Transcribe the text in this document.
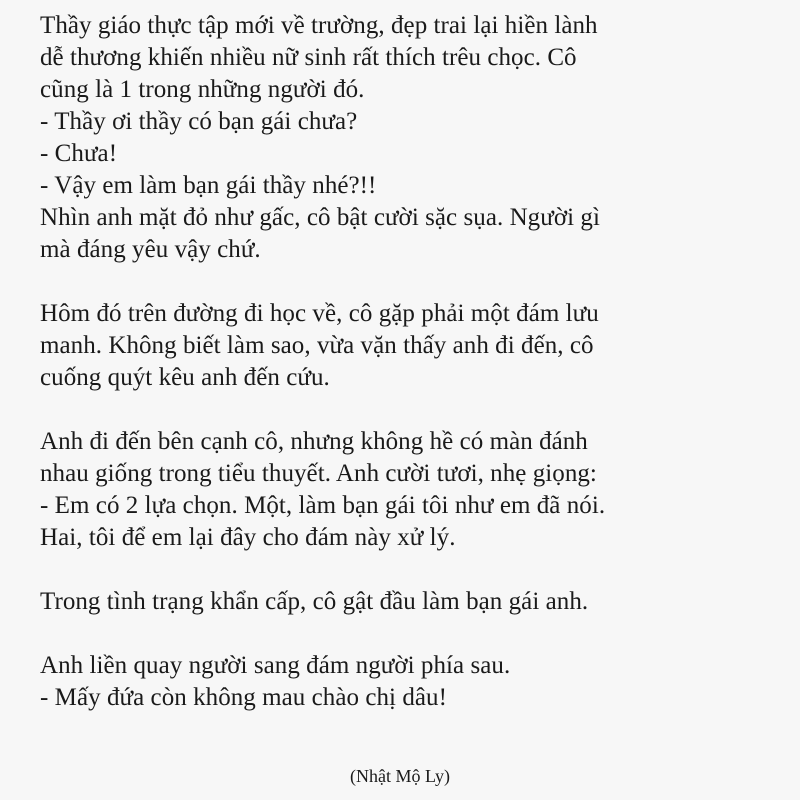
Thầy giáo thực tập mới về trường, đẹp trai lại hiền lành
dễ thương khiến nhiều nữ sinh rất thích trêu chọc. Cô
cũng là 1 trong những người đó.
- Thầy ơi thầy có bạn gái chưa?
- Chưa!
- Vậy em làm bạn gái thầy nhé?!!
Nhìn anh mặt đỏ như gấc, cô bật cười sặc sụa. Người gì
mà đáng yêu vậy chứ.
Hôm đó trên đường đi học về, cô gặp phải một đám lưu
manh. Không biết làm sao, vừa vặn thấy anh đi đến, cô
cuống quýt kêu anh đến cứu.
Anh đi đến bên cạnh cô, nhưng không hề có màn đánh
nhau giống trong tiểu thuyết. Anh cười tươi, nhẹ giọng:
- Em có 2 lựa chọn. Một, làm bạn gái tôi như em đã nói.
Hai, tôi để em lại đây cho đám này xử lý.
Trong tình trạng khẩn cấp, cô gật đầu làm bạn gái anh.
Anh liền quay người sang đám người phía sau.
- Mấy đứa còn không mau chào chị dâu!
(Nhật Mộ Ly)
